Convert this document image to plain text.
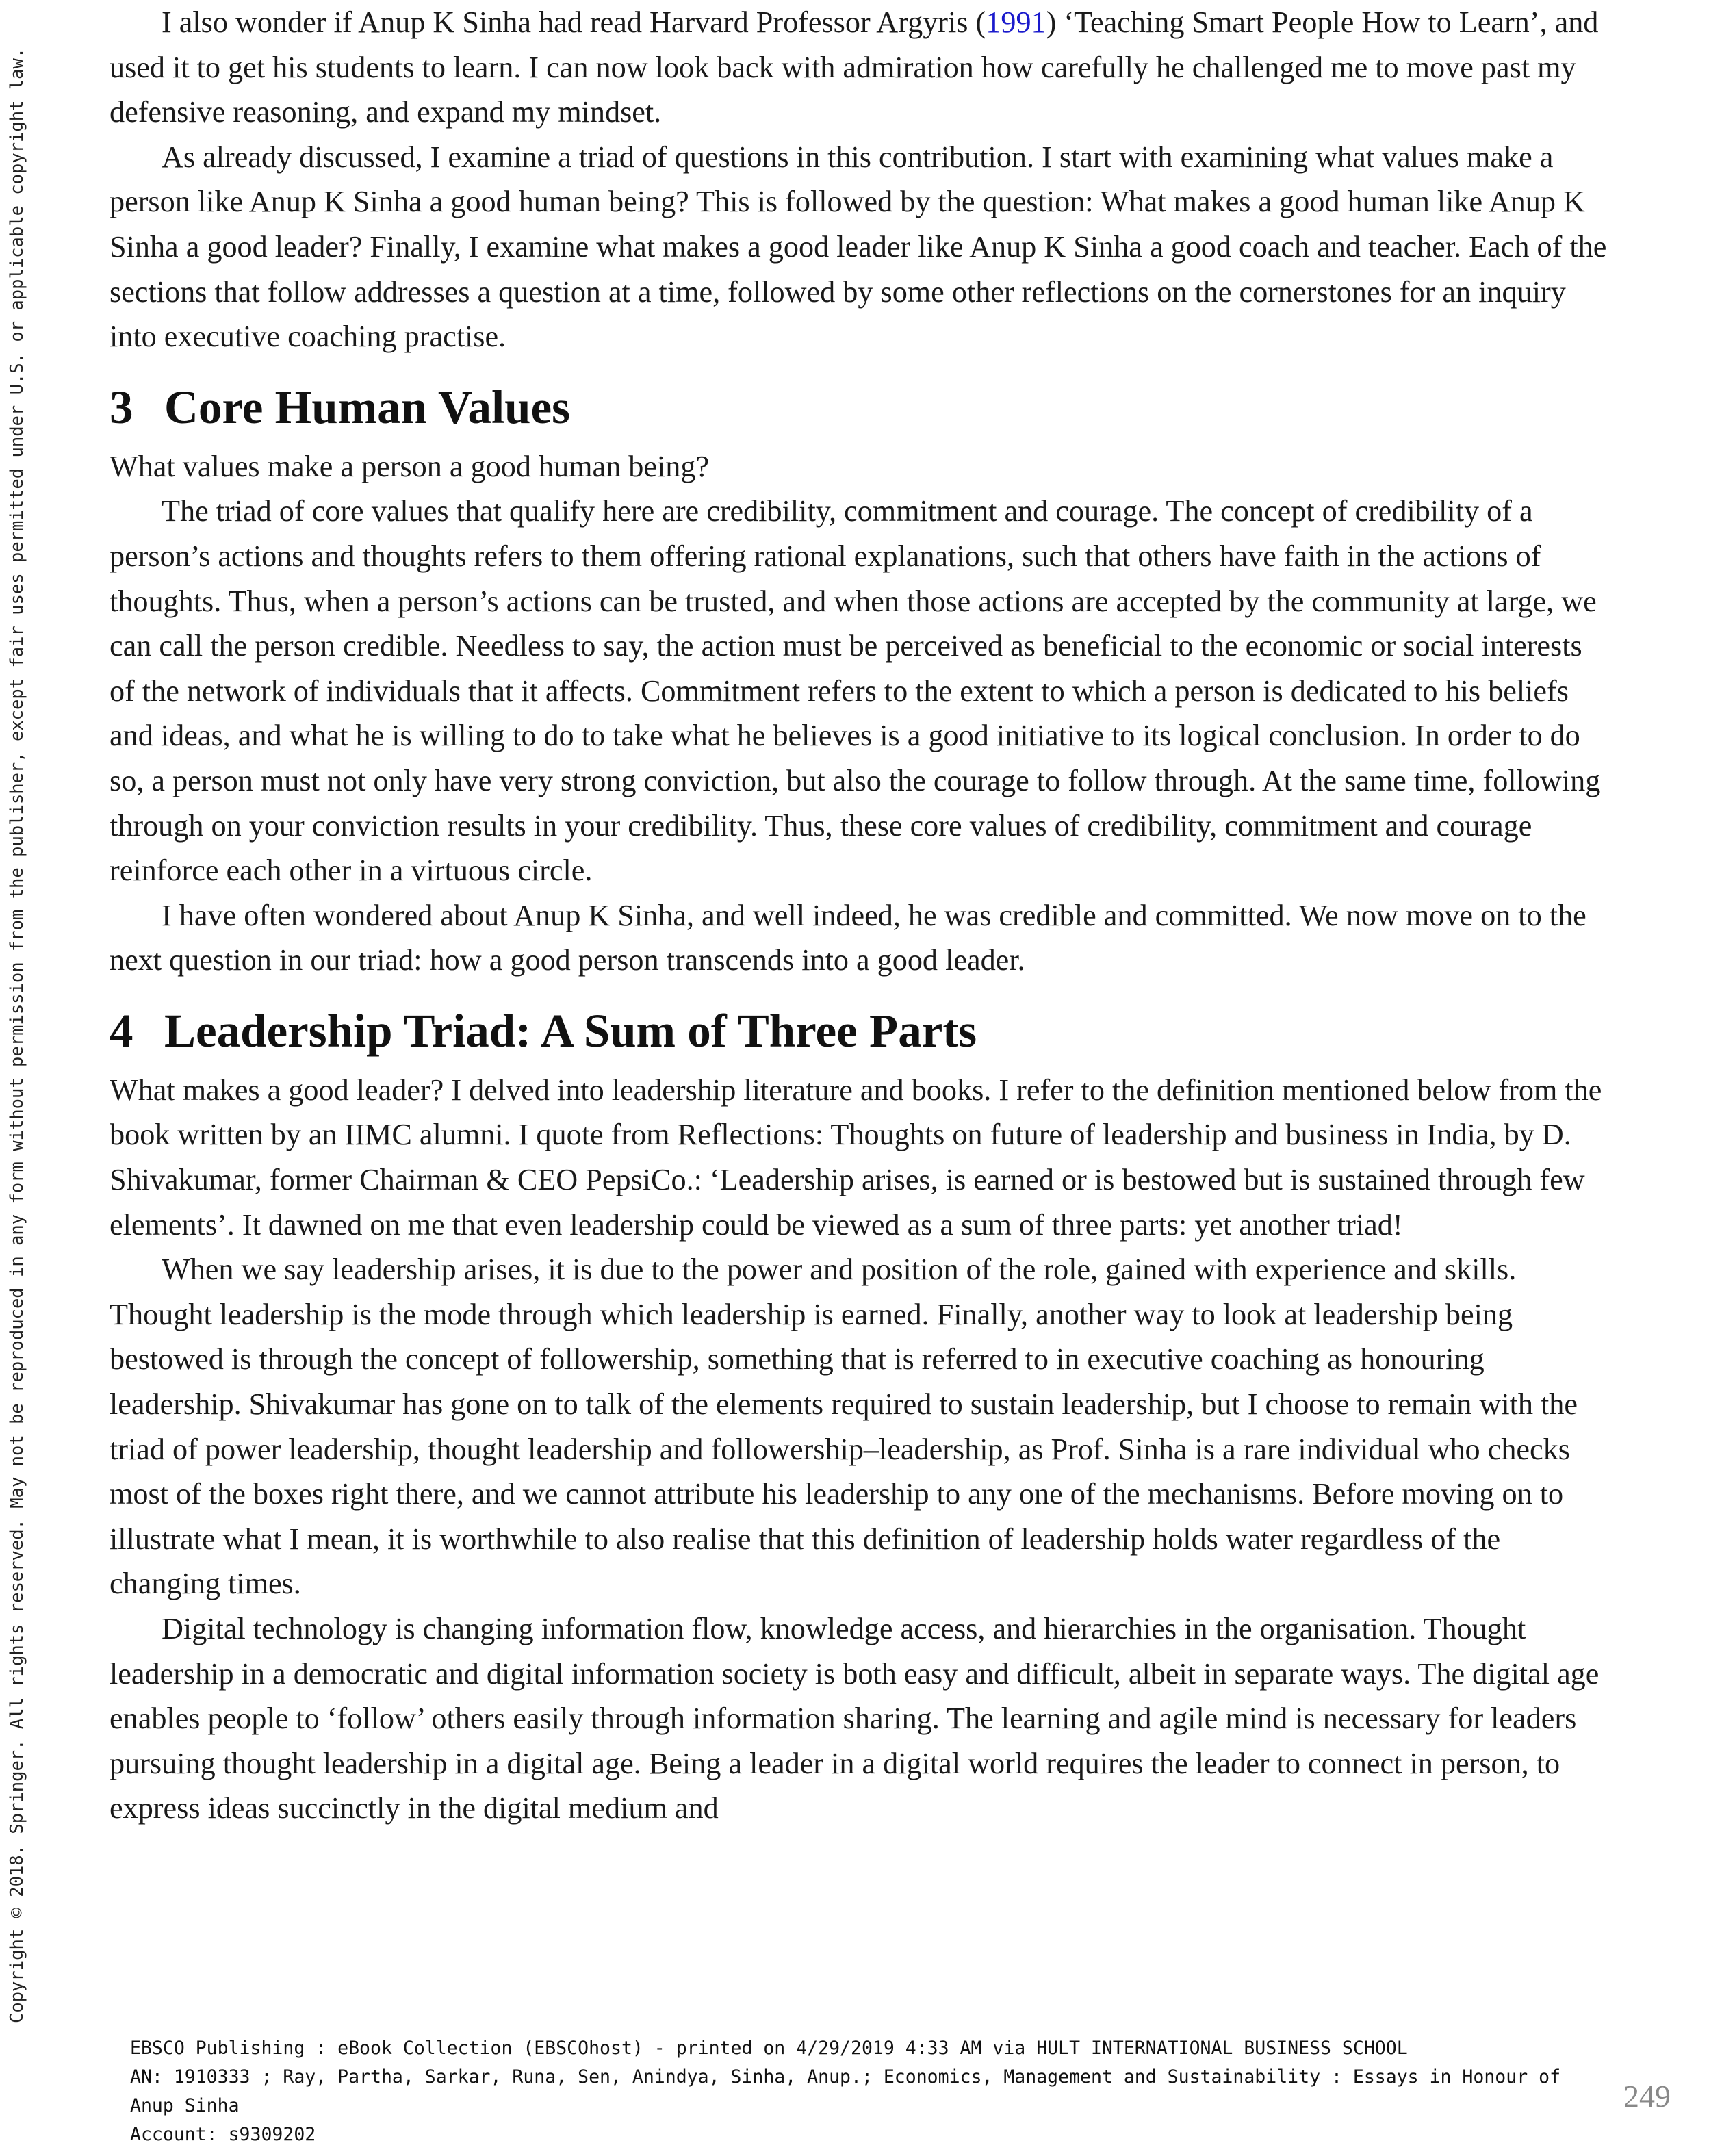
Copyright © 2018. Springer. All rights reserved. May not be reproduced in any form without permission from the publisher, except fair uses permitted under U.S. or applicable copyright law.

I also wonder if Anup K Sinha had read Harvard Professor Argyris (1991) ‘Teaching Smart People How to Learn’, and used it to get his students to learn. I can now look back with admiration how carefully he challenged me to move past my defensive reasoning, and expand my mindset.

As already discussed, I examine a triad of questions in this contribution. I start with examining what values make a person like Anup K Sinha a good human being? This is followed by the question: What makes a good human like Anup K Sinha a good leader? Finally, I examine what makes a good leader like Anup K Sinha a good coach and teacher. Each of the sections that follow addresses a question at a time, followed by some other reflections on the cornerstones for an inquiry into executive coaching practise.

3 Core Human Values

What values make a person a good human being?

The triad of core values that qualify here are credibility, commitment and courage. The concept of credibility of a person’s actions and thoughts refers to them offering rational explanations, such that others have faith in the actions of thoughts. Thus, when a person’s actions can be trusted, and when those actions are accepted by the community at large, we can call the person credible. Needless to say, the action must be perceived as beneficial to the economic or social interests of the network of individuals that it affects. Commitment refers to the extent to which a person is dedicated to his beliefs and ideas, and what he is willing to do to take what he believes is a good initiative to its logical conclusion. In order to do so, a person must not only have very strong conviction, but also the courage to follow through. At the same time, following through on your conviction results in your credibility. Thus, these core values of credibility, commitment and courage reinforce each other in a virtuous circle.

I have often wondered about Anup K Sinha, and well indeed, he was credible and committed. We now move on to the next question in our triad: how a good person transcends into a good leader.

4 Leadership Triad: A Sum of Three Parts

What makes a good leader? I delved into leadership literature and books. I refer to the definition mentioned below from the book written by an IIMC alumni. I quote from Reflections: Thoughts on future of leadership and business in India, by D. Shivakumar, former Chairman & CEO PepsiCo.: ‘Leadership arises, is earned or is bestowed but is sustained through few elements’. It dawned on me that even leadership could be viewed as a sum of three parts: yet another triad!

When we say leadership arises, it is due to the power and position of the role, gained with experience and skills. Thought leadership is the mode through which leadership is earned. Finally, another way to look at leadership being bestowed is through the concept of followership, something that is referred to in executive coaching as honouring leadership. Shivakumar has gone on to talk of the elements required to sustain leadership, but I choose to remain with the triad of power leadership, thought leadership and followership–leadership, as Prof. Sinha is a rare individual who checks most of the boxes right there, and we cannot attribute his leadership to any one of the mechanisms. Before moving on to illustrate what I mean, it is worthwhile to also realise that this definition of leadership holds water regardless of the changing times.

Digital technology is changing information flow, knowledge access, and hierarchies in the organisation. Thought leadership in a democratic and digital information society is both easy and difficult, albeit in separate ways. The digital age enables people to ‘follow’ others easily through information sharing. The learning and agile mind is necessary for leaders pursuing thought leadership in a digital age. Being a leader in a digital world requires the leader to connect in person, to express ideas succinctly in the digital medium and

EBSCO Publishing : eBook Collection (EBSCOhost) - printed on 4/29/2019 4:33 AM via HULT INTERNATIONAL BUSINESS SCHOOL
AN: 1910333 ; Ray, Partha, Sarkar, Runa, Sen, Anindya, Sinha, Anup.; Economics, Management and Sustainability : Essays in Honour of Anup Sinha
Account: s9309202
249
